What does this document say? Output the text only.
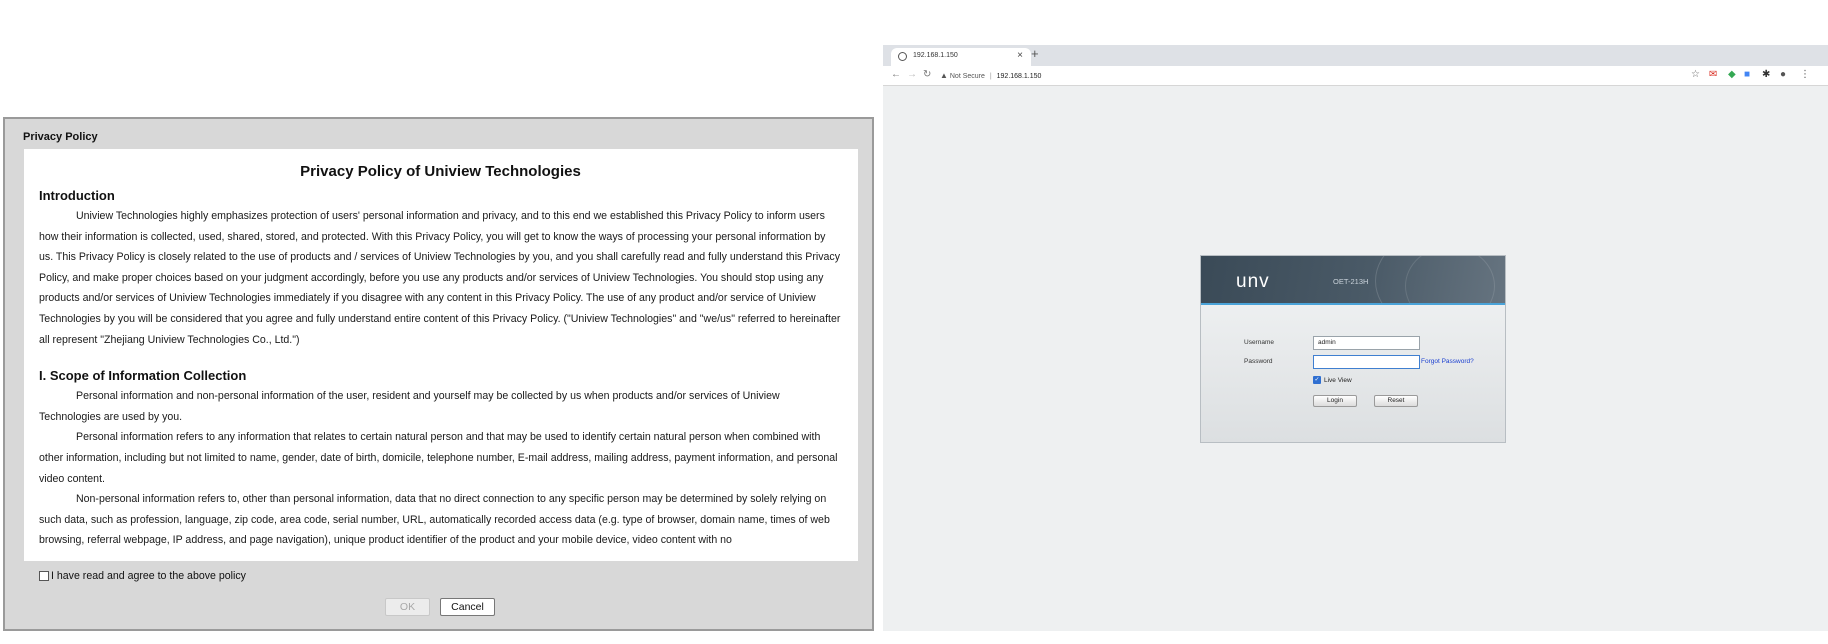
Privacy Policy
Privacy Policy of Uniview Technologies
Introduction

Uniview Technologies highly emphasizes protection of users' personal information and privacy, and to this end we established this Privacy Policy to inform users how their information is collected, used, shared, stored, and protected. With this Privacy Policy, you will get to know the ways of processing your personal information by us. This Privacy Policy is closely related to the use of products and / services of Uniview Technologies by you, and you shall carefully read and fully understand this Privacy Policy, and make proper choices based on your judgment accordingly, before you use any products and/or services of Uniview Technologies. You should stop using any products and/or services of Uniview Technologies immediately if you disagree with any content in this Privacy Policy. The use of any product and/or service of Uniview Technologies by you will be considered that you agree and fully understand entire content of this Privacy Policy. ("Uniview Technologies" and "we/us" referred to hereinafter all represent "Zhejiang Uniview Technologies Co., Ltd.")

I. Scope of Information Collection

Personal information and non-personal information of the user, resident and yourself may be collected by us when products and/or services of Uniview Technologies are used by you.

Personal information refers to any information that relates to certain natural person and that may be used to identify certain natural person when combined with other information, including but not limited to name, gender, date of birth, domicile, telephone number, E-mail address, mailing address, payment information, and personal video content.

Non-personal information refers to, other than personal information, data that no direct connection to any specific person may be determined by solely relying on such data, such as profession, language, zip code, area code, serial number, URL, automatically recorded access data (e.g. type of browser, domain name, times of web browsing, referral webpage, IP address, and page navigation), unique product identifier of the product and your mobile device, video content with no

I have read and agree to the above policy
OK	Cancel
192.168.1.150	× +
← → ↻ ▲ Not Secure | 192.168.1.150	☆ ✉ ◆ ■ ✱ ● ⋮
unv	OET-213H
Username	admin
Password	Forgot Password?
✓ Live View
Login	Reset
